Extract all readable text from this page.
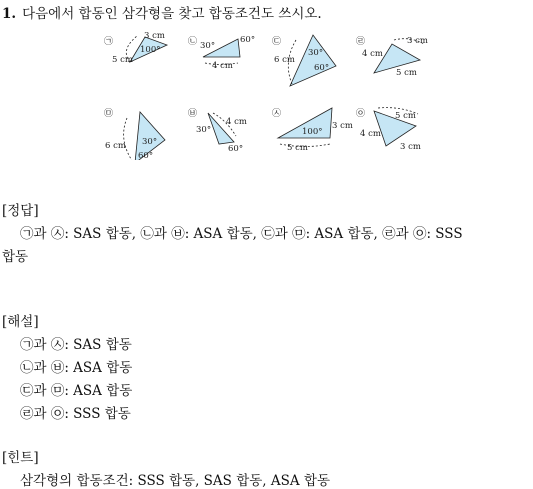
1. 다음에서 합동인 삼각형을 찾고 합동조건도 쓰시오.
㉠
3 cm
5 cm
100°
㉡ 30°
60°
4 cm
㉢
6 cm
30°
60°
㉣
4 cm
3 cm
5 cm
㉤
6 cm 30°
60°
㉥
30°
4 cm
60°
㉦
100°
3 cm
5 cm
㉧	5 cm
4 cm
3 cm
[정답]
㉠과 ㉦: SAS 합동, ㉡과 ㉥: ASA 합동, ㉢과 ㉤: ASA 합동, ㉣과 ㉧: SSS
합동
[해설]
㉠과 ㉦: SAS 합동
㉡과 ㉥: ASA 합동
㉢과 ㉤: ASA 합동
㉣과 ㉧: SSS 합동
[힌트]
삼각형의 합동조건: SSS 합동, SAS 합동, ASA 합동
